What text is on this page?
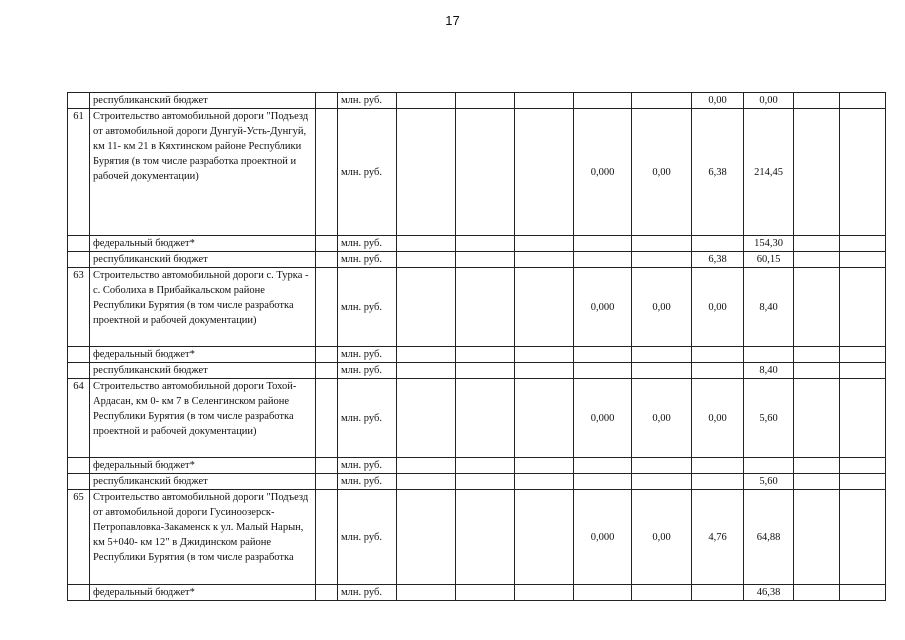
17
	республиканский бюджет		млн. руб.						0,00	0,00		
61	Строительство автомобильной дороги "Подъезд от автомобильной дороги Дунгуй-Усть-Дунгуй, км 11- км 21 в Кяхтинском районе Республики Бурятия (в том числе разработка проектной и рабочей документации)		млн. руб.				0,000	0,00	6,38	214,45		
	федеральный бюджет*		млн. руб.							154,30		
	республиканский бюджет		млн. руб.						6,38	60,15		
63	Строительство автомобильной дороги с. Турка - с. Соболиха в Прибайкальском районе Республики Бурятия (в том числе разработка проектной и рабочей документации)		млн. руб.				0,000	0,00	0,00	8,40		
	федеральный бюджет*		млн. руб.									
	республиканский бюджет		млн. руб.							8,40		
64	Строительство автомобильной дороги Тохой-Ардасан, км 0- км 7 в Селенгинском районе Республики Бурятия (в том числе разработка проектной и рабочей документации)		млн. руб.				0,000	0,00	0,00	5,60		
	федеральный бюджет*		млн. руб.									
	республиканский бюджет		млн. руб.							5,60		
65	Строительство автомобильной дороги "Подъезд от автомобильной дороги Гусиноозерск-Петропавловка-Закаменск к ул. Малый Нарын, км 5+040- км 12" в Джидинском районе Республики Бурятия (в том числе разработка		млн. руб.				0,000	0,00	4,76	64,88		
	федеральный бюджет*		млн. руб.							46,38		
